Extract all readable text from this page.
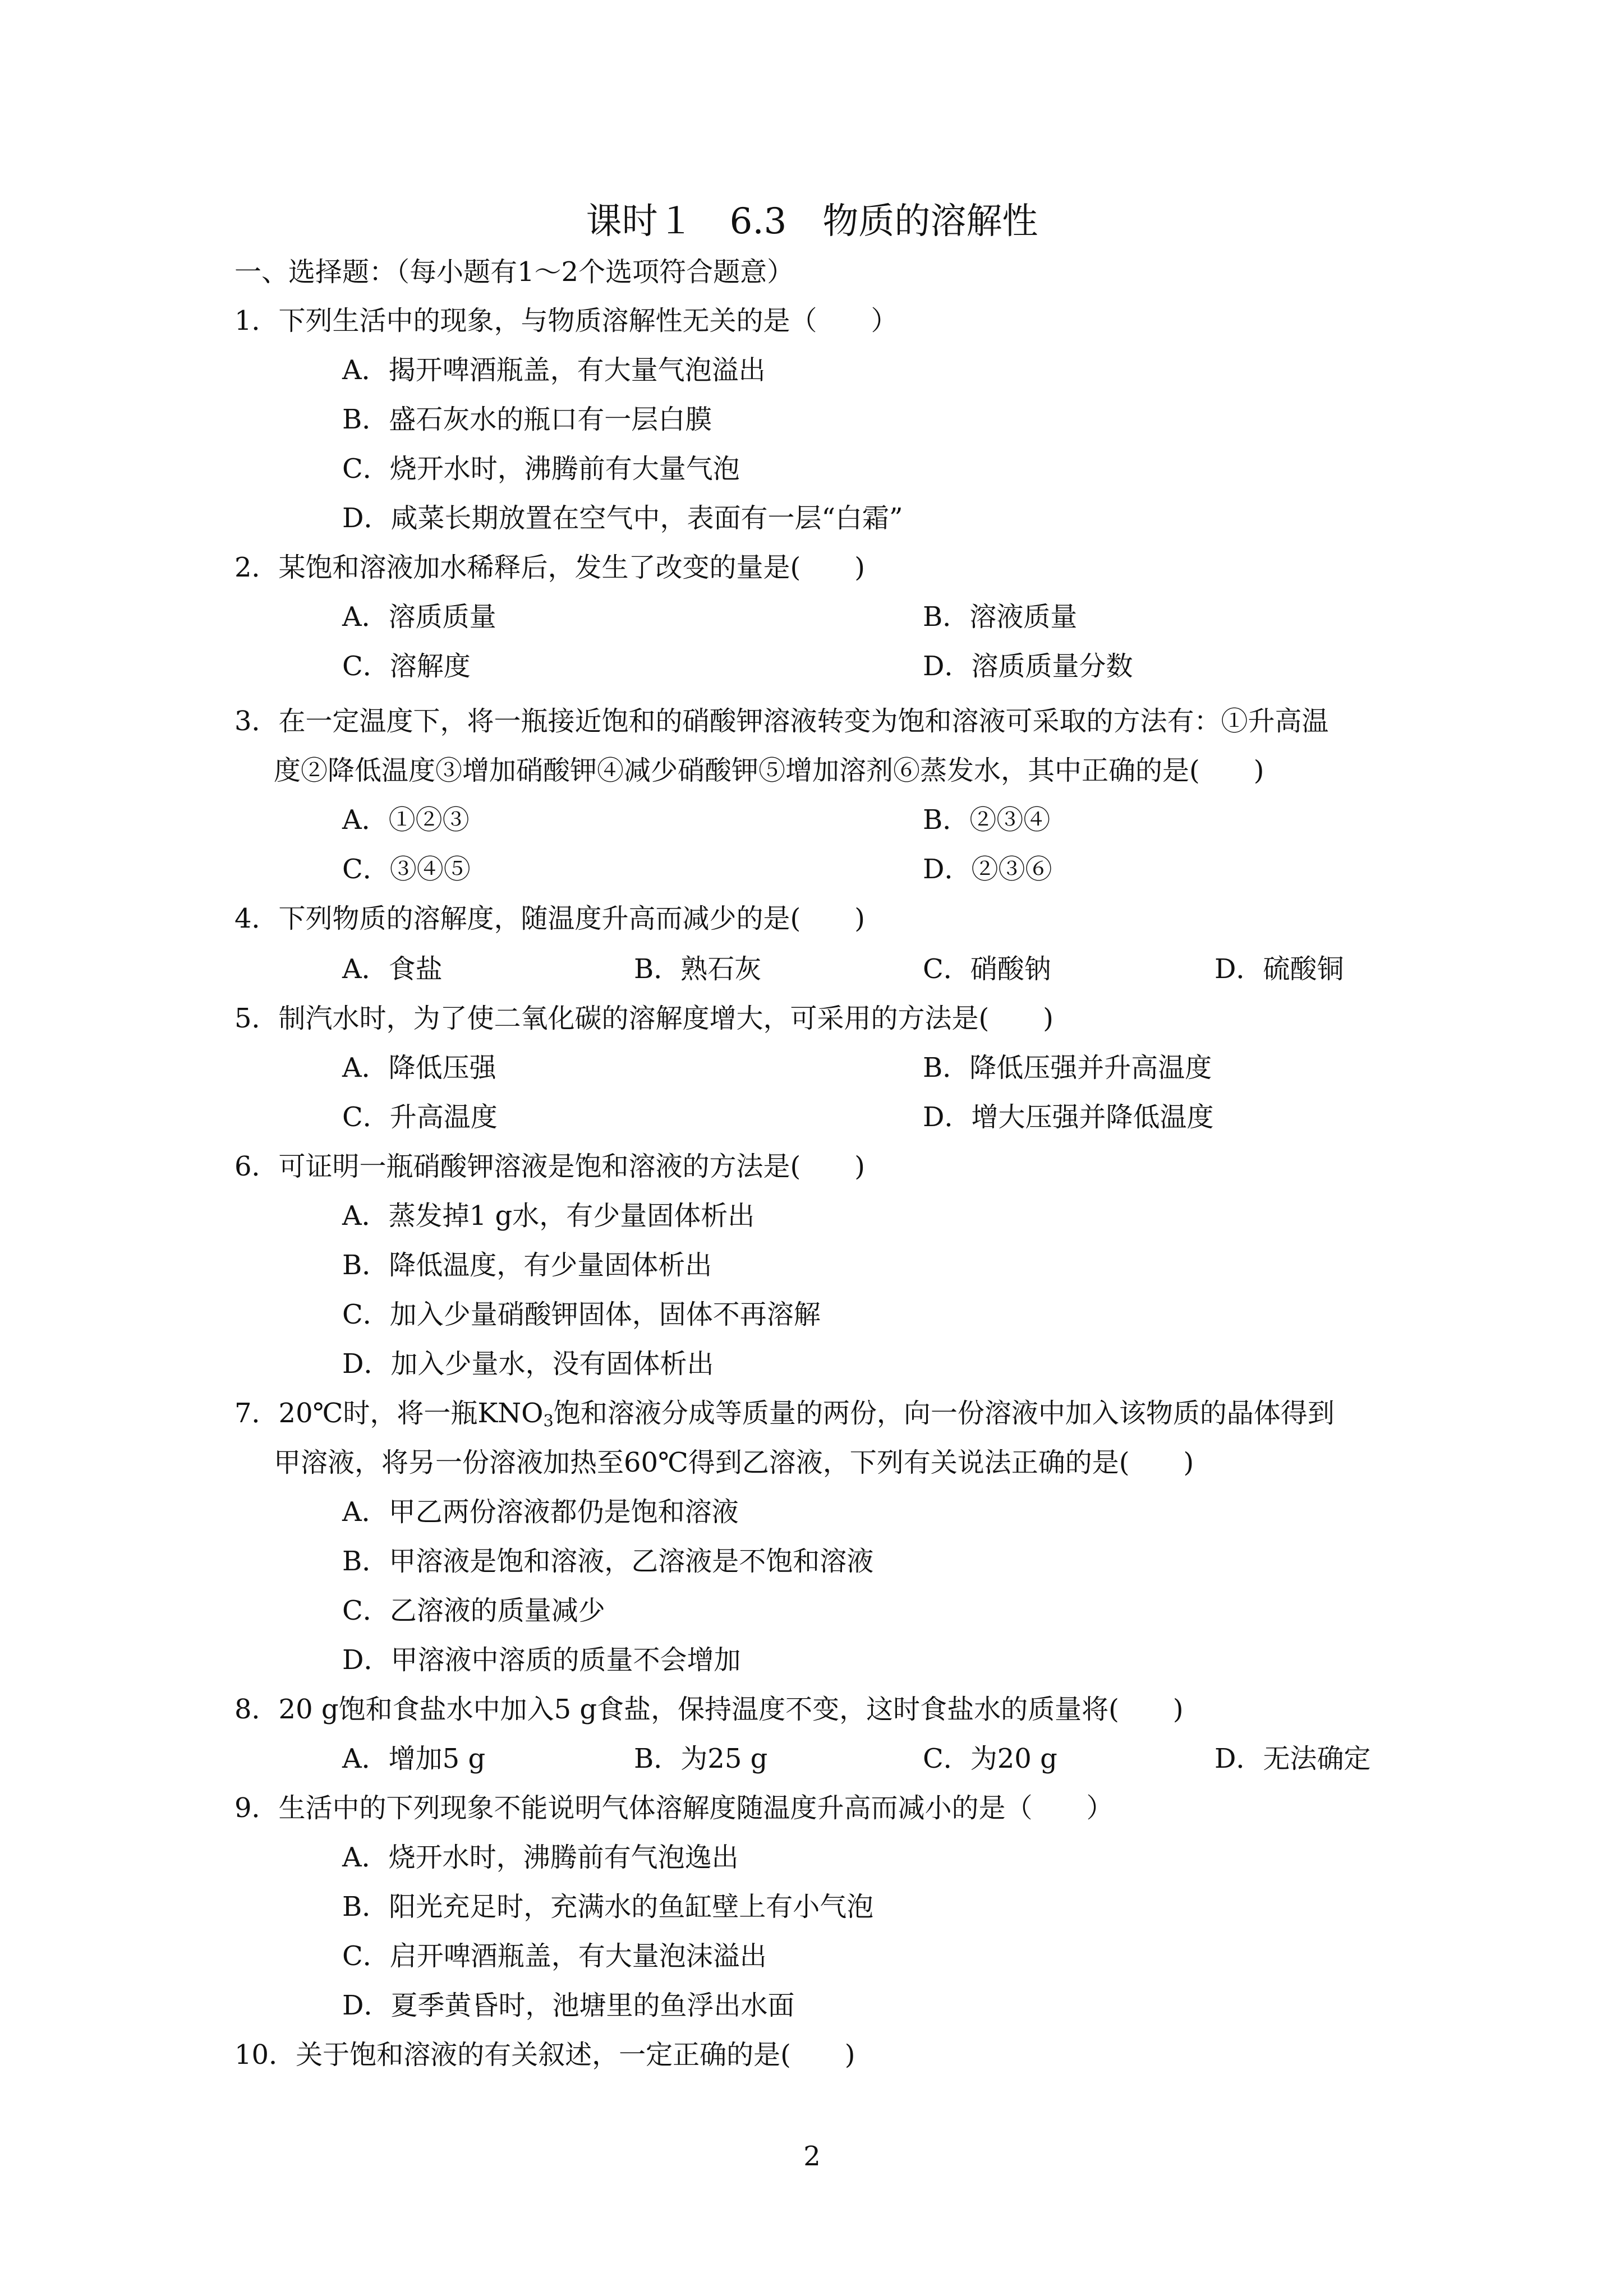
课时１　6.3　物质的溶解性
一、选择题：（每小题有1～2个选项符合题意）
1．下列生活中的现象，与物质溶解性无关的是（　　）
A．揭开啤酒瓶盖，有大量气泡溢出
B．盛石灰水的瓶口有一层白膜
C．烧开水时，沸腾前有大量气泡
D．咸菜长期放置在空气中，表面有一层“白霜”
2．某饱和溶液加水稀释后，发生了改变的量是(　　)
A．溶质质量	B．溶液质量
C．溶解度	D．溶质质量分数
3．在一定温度下，将一瓶接近饱和的硝酸钾溶液转变为饱和溶液可采取的方法有：①升高温
度②降低温度③增加硝酸钾④减少硝酸钾⑤增加溶剂⑥蒸发水，其中正确的是(　　)
A．①②③	B．②③④
C．③④⑤	D．②③⑥
4．下列物质的溶解度，随温度升高而减少的是(　　)
A．食盐	B．熟石灰	C．硝酸钠	D．硫酸铜
5．制汽水时，为了使二氧化碳的溶解度增大，可采用的方法是(　　)
A．降低压强	B．降低压强并升高温度
C．升高温度	D．增大压强并降低温度
6．可证明一瓶硝酸钾溶液是饱和溶液的方法是(　　)
A．蒸发掉1 g水，有少量固体析出
B．降低温度，有少量固体析出
C．加入少量硝酸钾固体，固体不再溶解
D．加入少量水，没有固体析出
7．20℃时，将一瓶$KNO_3$饱和溶液分成等质量的两份，向一份溶液中加入该物质的晶体得到
甲溶液，将另一份溶液加热至60℃得到乙溶液，下列有关说法正确的是(　　)
A．甲乙两份溶液都仍是饱和溶液
B．甲溶液是饱和溶液，乙溶液是不饱和溶液
C．乙溶液的质量减少
D．甲溶液中溶质的质量不会增加
8．20 g饱和食盐水中加入5 g食盐，保持温度不变，这时食盐水的质量将(　　)
A．增加5 g	B．为25 g	C．为20 g	D．无法确定
9．生活中的下列现象不能说明气体溶解度随温度升高而减小的是（　　）
A．烧开水时，沸腾前有气泡逸出
B．阳光充足时，充满水的鱼缸壁上有小气泡
C．启开啤酒瓶盖，有大量泡沫溢出
D．夏季黄昏时，池塘里的鱼浮出水面
10．关于饱和溶液的有关叙述，一定正确的是(　　)
2
